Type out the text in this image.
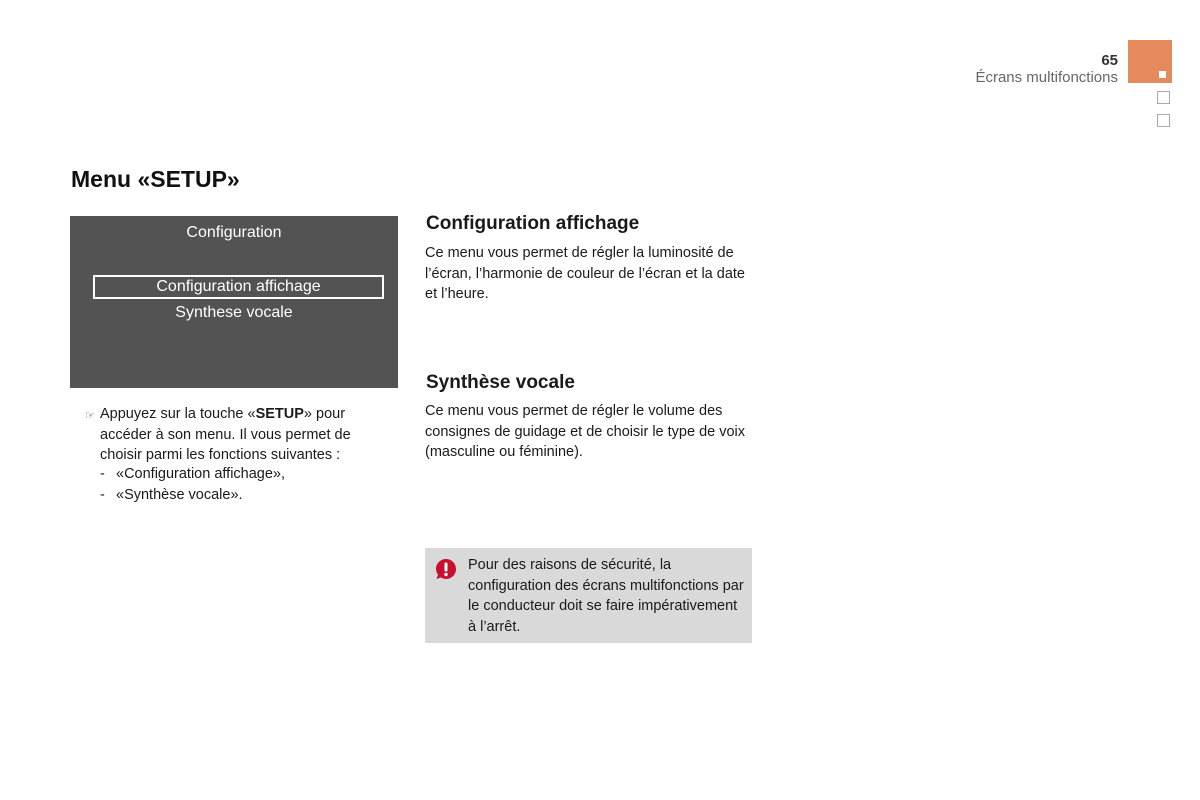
65
Écrans multifonctions
Menu «SETUP»
Configuration
Configuration affichage
Synthese vocale
☞ Appuyez sur la touche «SETUP» pour accéder à son menu. Il vous permet de choisir parmi les fonctions suivantes :
- «Configuration affichage»,
- «Synthèse vocale».
Configuration affichage
Ce menu vous permet de régler la luminosité de l’écran, l’harmonie de couleur de l’écran et la date et l’heure.
Synthèse vocale
Ce menu vous permet de régler le volume des consignes de guidage et de choisir le type de voix (masculine ou féminine).
Pour des raisons de sécurité, la configuration des écrans multifonctions par le conducteur doit se faire impérativement à l’arrêt.
